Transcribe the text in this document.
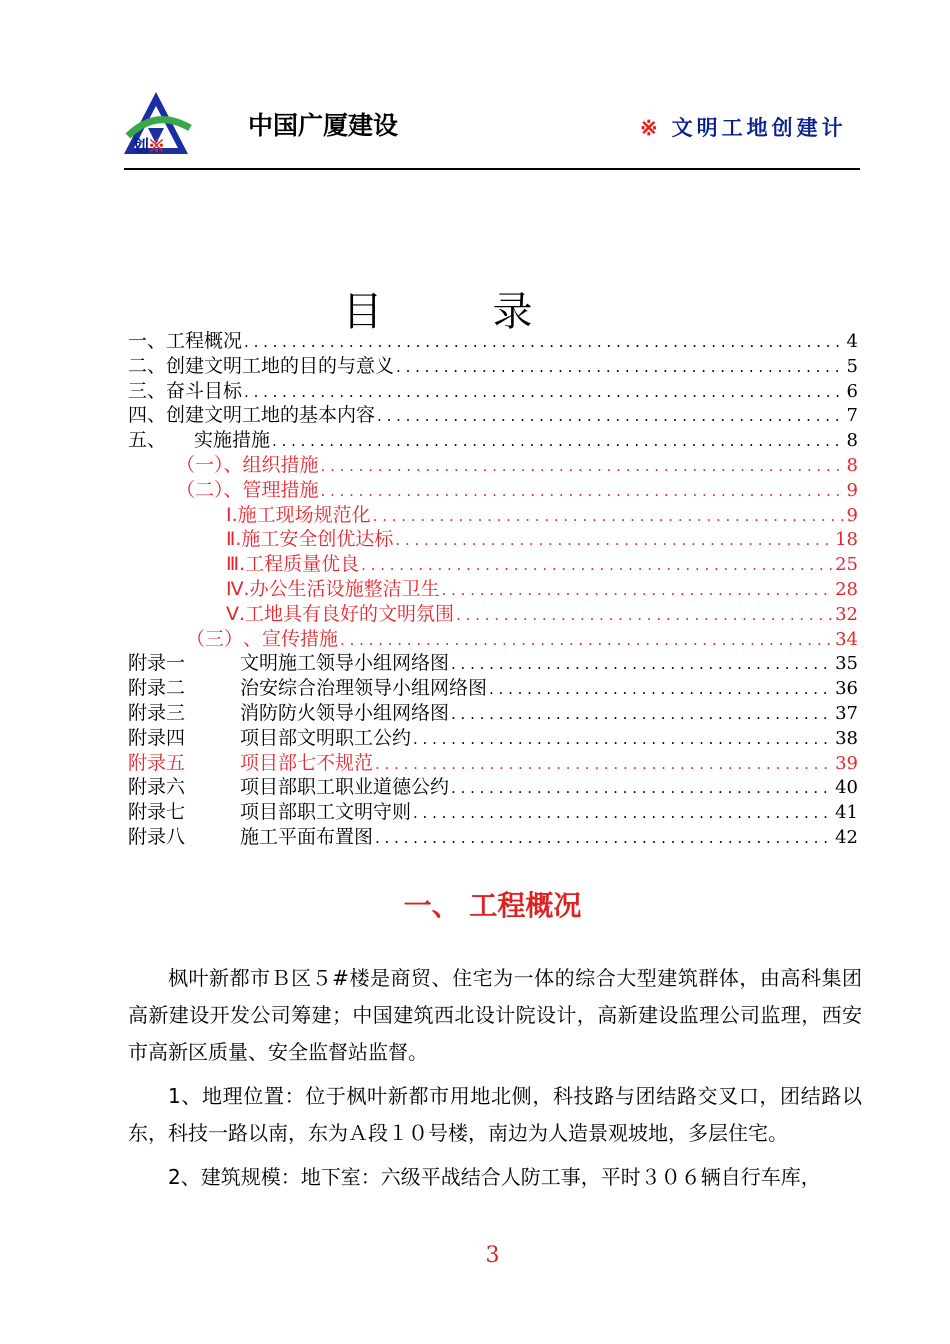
划※
中国广厦建设	※ 文明工地创建计
目录
一、 工程概况 . . .	4
二、 创建文明工地的目的与意义 . . .	5
三、 奋斗目标 . . .	6
四、 创建文明工地的基本内容 . . .	7
五、	实施措施 . . .	8
（一）、 组织措施 . . .	8
（二）、 管理措施 . . .	9
Ⅰ. 施工现场规范化 . . .	9
Ⅱ. 施工安全创优达标 . . .	18
Ⅲ. 工程质量优良 . . .	25
Ⅳ. 办公生活设施整洁卫生 . . .	28
Ⅴ. 工地具有良好的文明氛围 . . .	32
（三） 、宣传措施 . . .	34
附录一	文明施工领导小组网络图 . . .	35
附录二	治安综合治理领导小组网络图 . . .	36
附录三	消防防火领导小组网络图 . . .	37
附录四	项目部文明职工公约 . . .	38
附录五	项目部七不规范 . . .	39
附录六	项目部职工职业道德公约 . . .	40
附录七	项目部职工文明守则 . . .	41
附录八	施工平面布置图 . . .	42
一、 工程概况

枫叶新都市Ｂ区５#楼是商贸、住宅为一体的综合大型建筑群体，由高科集团高新建设开发公司筹建；中国建筑西北设计院设计，高新建设监理公司监理，西安市高新区质量、安全监督站监督。

1、地理位置：位于枫叶新都市用地北侧，科技路与团结路交叉口，团结路以东，科技一路以南，东为Ａ段１０号楼，南边为人造景观坡地，多层住宅。

2、建筑规模：地下室：六级平战结合人防工事，平时３０６辆自行车库，

3
